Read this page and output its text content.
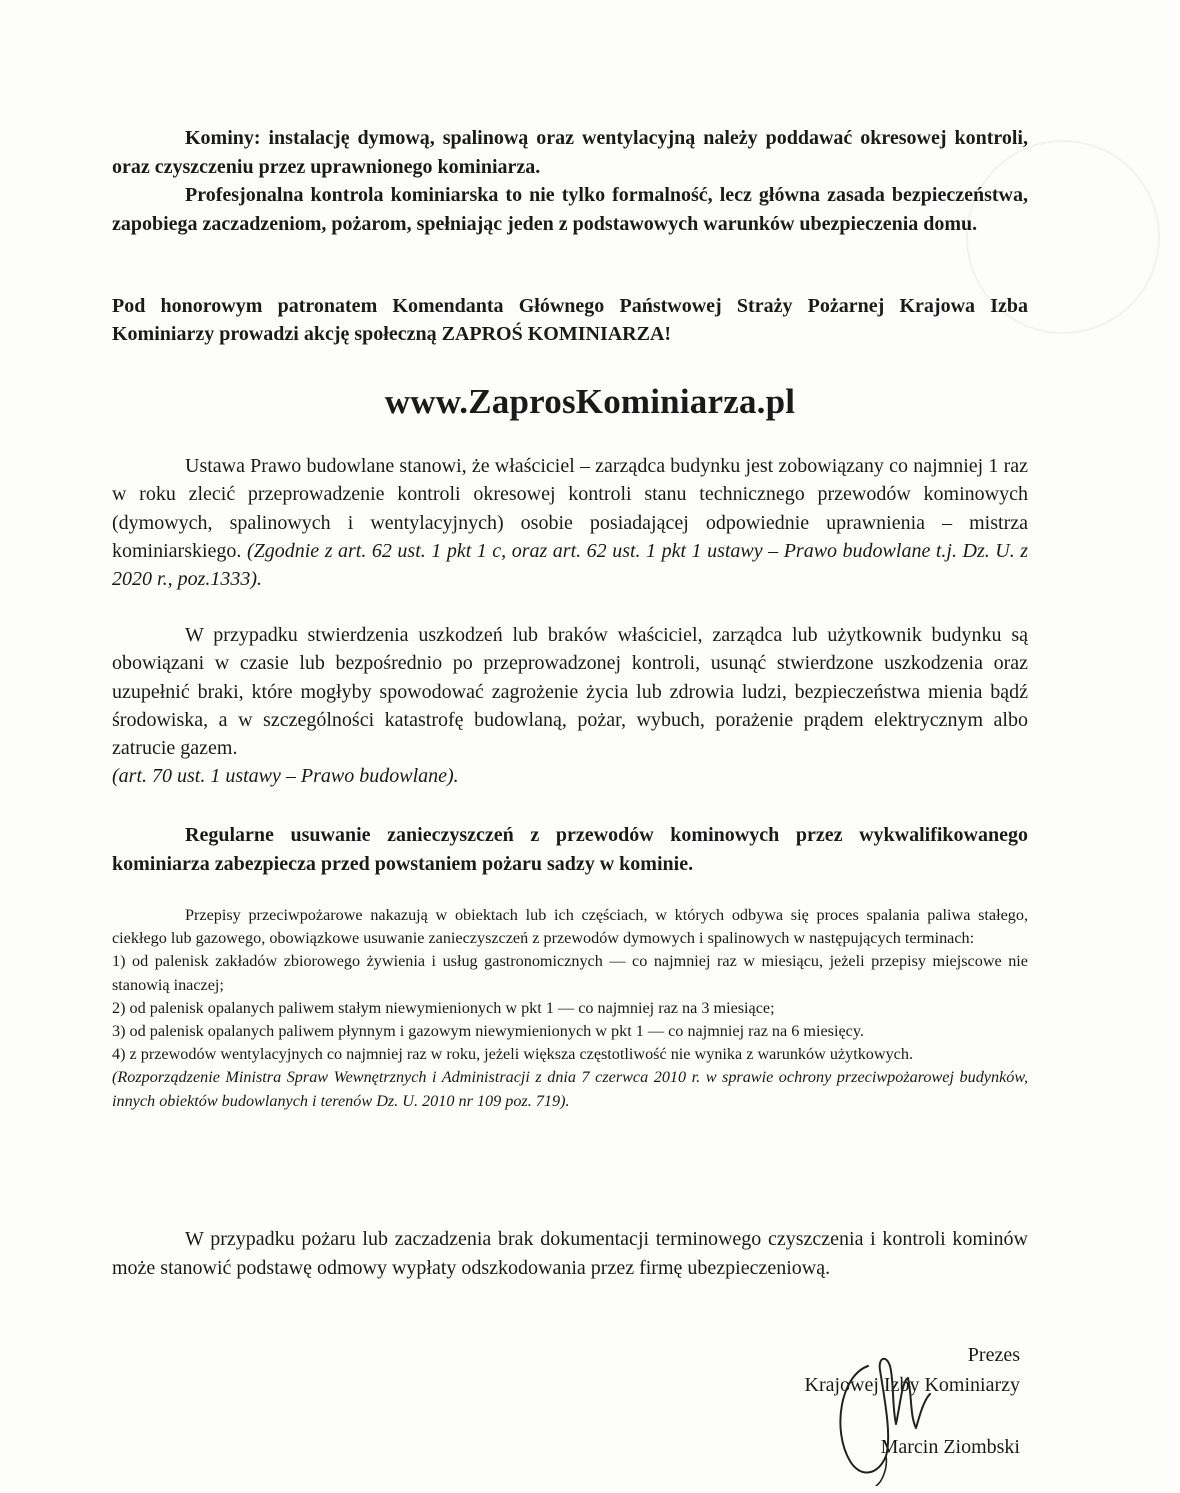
Kominy: instalację dymową, spalinową oraz wentylacyjną należy poddawać okresowej kontroli, oraz czyszczeniu przez uprawnionego kominiarza.

Profesjonalna kontrola kominiarska to nie tylko formalność, lecz główna zasada bezpieczeństwa, zapobiega zaczadzeniom, pożarom, spełniając jeden z podstawowych warunków ubezpieczenia domu.

Pod honorowym patronatem Komendanta Głównego Państwowej Straży Pożarnej Krajowa Izba Kominiarzy prowadzi akcję społeczną ZAPROŚ KOMINIARZA!

www.ZaprosKominiarza.pl

Ustawa Prawo budowlane stanowi, że właściciel – zarządca budynku jest zobowiązany co najmniej 1 raz w roku zlecić przeprowadzenie kontroli okresowej kontroli stanu technicznego przewodów kominowych (dymowych, spalinowych i wentylacyjnych) osobie posiadającej odpowiednie uprawnienia – mistrza kominiarskiego. (Zgodnie z art. 62 ust. 1 pkt 1 c, oraz art. 62 ust. 1 pkt 1 ustawy – Prawo budowlane t.j. Dz. U. z 2020 r., poz.1333).

W przypadku stwierdzenia uszkodzeń lub braków właściciel, zarządca lub użytkownik budynku są obowiązani w czasie lub bezpośrednio po przeprowadzonej kontroli, usunąć stwierdzone uszkodzenia oraz uzupełnić braki, które mogłyby spowodować zagrożenie życia lub zdrowia ludzi, bezpieczeństwa mienia bądź środowiska, a w szczególności katastrofę budowlaną, pożar, wybuch, porażenie prądem elektrycznym albo zatrucie gazem.

(art. 70 ust. 1 ustawy – Prawo budowlane).

Regularne usuwanie zanieczyszczeń z przewodów kominowych przez wykwalifikowanego kominiarza zabezpiecza przed powstaniem pożaru sadzy w kominie.

Przepisy przeciwpożarowe nakazują w obiektach lub ich częściach, w których odbywa się proces spalania paliwa stałego, ciekłego lub gazowego, obowiązkowe usuwanie zanieczyszczeń z przewodów dymowych i spalinowych w następujących terminach:

1) od palenisk zakładów zbiorowego żywienia i usług gastronomicznych — co najmniej raz w miesiącu, jeżeli przepisy miejscowe nie stanowią inaczej;

2) od palenisk opalanych paliwem stałym niewymienionych w pkt 1 — co najmniej raz na 3 miesiące;

3) od palenisk opalanych paliwem płynnym i gazowym niewymienionych w pkt 1 — co najmniej raz na 6 miesięcy.

4) z przewodów wentylacyjnych co najmniej raz w roku, jeżeli większa częstotliwość nie wynika z warunków użytkowych.

(Rozporządzenie Ministra Spraw Wewnętrznych i Administracji z dnia 7 czerwca 2010 r. w sprawie ochrony przeciwpożarowej budynków, innych obiektów budowlanych i terenów Dz. U. 2010 nr 109 poz. 719).

W przypadku pożaru lub zaczadzenia brak dokumentacji terminowego czyszczenia i kontroli kominów może stanowić podstawę odmowy wypłaty odszkodowania przez firmę ubezpieczeniową.

Prezes
Krajowej Izby Kominiarzy
Marcin Ziombski
